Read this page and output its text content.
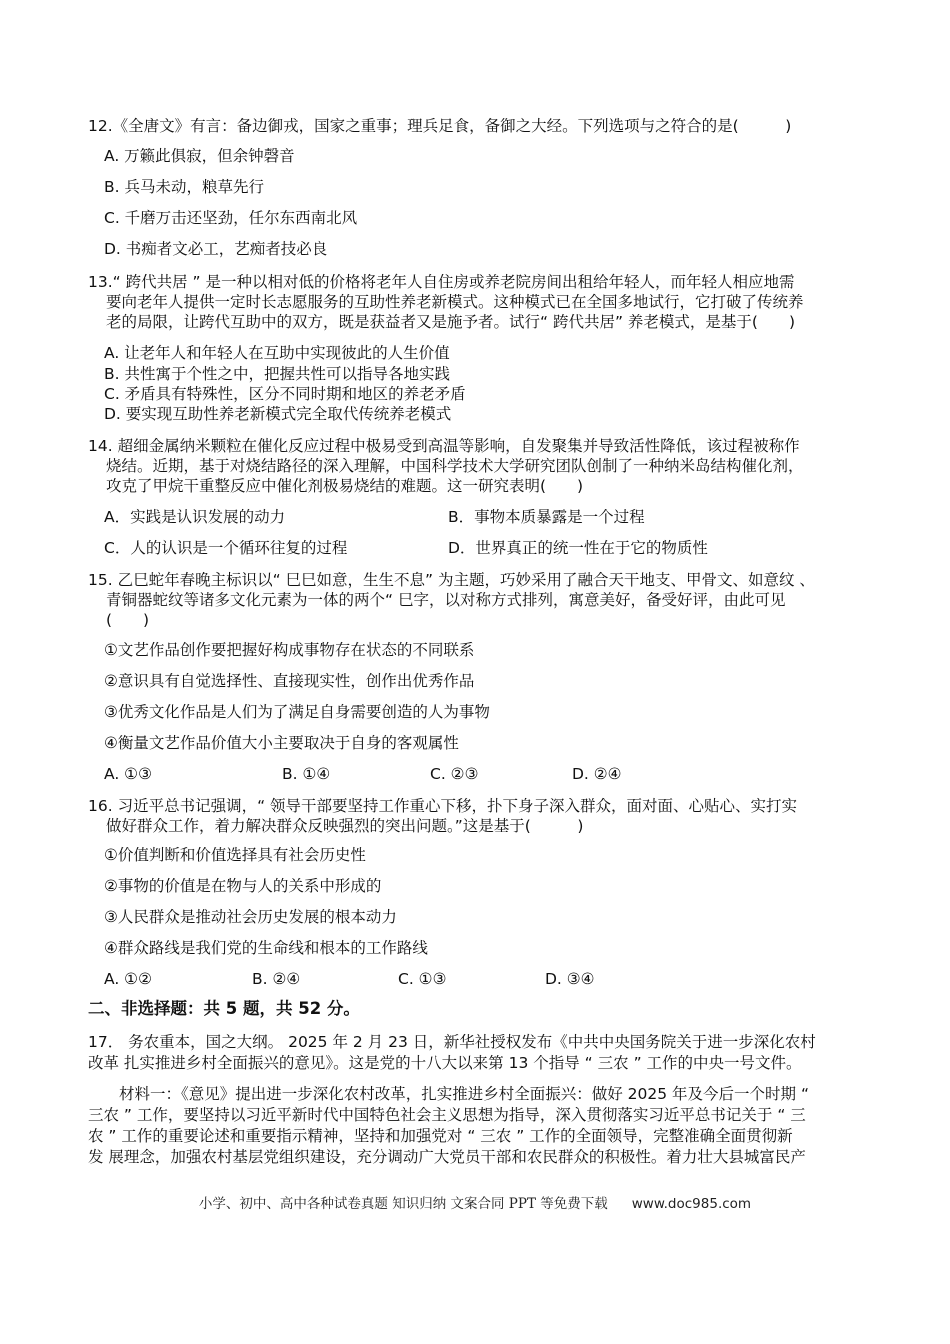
12.《全唐文》有言：备边御戎，国家之重事；理兵足食，备御之大经。下列选项与之符合的是(　　　)
A. 万籁此俱寂，但余钟磬音
B. 兵马未动，粮草先行
C. 千磨万击还坚劲，任尔东西南北风
D. 书痴者文必工，艺痴者技必良
13.“ 跨代共居 ” 是一种以相对低的价格将老年人自住房或养老院房间出租给年轻人，而年轻人相应地需
要向老年人提供一定时长志愿服务的互助性养老新模式。这种模式已在全国多地试行，它打破了传统养
老的局限，让跨代互助中的双方，既是获益者又是施予者。试行“ 跨代共居” 养老模式，是基于(　　)
A. 让老年人和年轻人在互助中实现彼此的人生价值
B. 共性寓于个性之中，把握共性可以指导各地实践
C. 矛盾具有特殊性，区分不同时期和地区的养老矛盾
D. 要实现互助性养老新模式完全取代传统养老模式
14. 超细金属纳米颗粒在催化反应过程中极易受到高温等影响，自发聚集并导致活性降低，该过程被称作
烧结。近期，基于对烧结路径的深入理解，中国科学技术大学研究团队创制了一种纳米岛结构催化剂，
攻克了甲烷干重整反应中催化剂极易烧结的难题。这一研究表明(　　)
A．实践是认识发展的动力	B．事物本质暴露是一个过程
C．人的认识是一个循环往复的过程	D．世界真正的统一性在于它的物质性
15. 乙巳蛇年春晚主标识以“ 巳巳如意，生生不息” 为主题，巧妙采用了融合天干地支、甲骨文、如意纹 、
青铜器蛇纹等诸多文化元素为一体的两个“ 巳字，以对称方式排列，寓意美好，备受好评，由此可见
(　　)
①文艺作品创作要把握好构成事物存在状态的不同联系
②意识具有自觉选择性、直接现实性，创作出优秀作品
③优秀文化作品是人们为了满足自身需要创造的人为事物
④衡量文艺作品价值大小主要取决于自身的客观属性
A. ①③	B. ①④	C. ②③	D. ②④
16. 习近平总书记强调，“ 领导干部要坚持工作重心下移，扑下身子深入群众，面对面、心贴心、实打实
做好群众工作，着力解决群众反映强烈的突出问题。”这是基于(　　　)
①价值判断和价值选择具有社会历史性
②事物的价值是在物与人的关系中形成的
③人民群众是推动社会历史发展的根本动力
④群众路线是我们党的生命线和根本的工作路线
A. ①②	B. ②④	C. ①③	D. ③④
二、非选择题：共 5 题，共 52 分。
17． 务农重本，国之大纲。 2025 年 2 月 23 日，新华社授权发布《中共中央国务院关于进一步深化农村
改革 扎实推进乡村全面振兴的意见》。这是党的十八大以来第 13 个指导 “ 三农 ” 工作的中央一号文件。
　　材料一：《意见》提出进一步深化农村改革，扎实推进乡村全面振兴：做好 2025 年及今后一个时期 “
三农 ” 工作，要坚持以习近平新时代中国特色社会主义思想为指导，深入贯彻落实习近平总书记关于 “ 三
农 ” 工作的重要论述和重要指示精神，坚持和加强党对 “ 三农 ” 工作的全面领导，完整准确全面贯彻新
发 展理念，加强农村基层党组织建设，充分调动广大党员干部和农民群众的积极性。着力壮大县城富民产
小学、初中、高中各种试卷真题 知识归纳 文案合同 PPT 等免费下载 www.doc985.com
